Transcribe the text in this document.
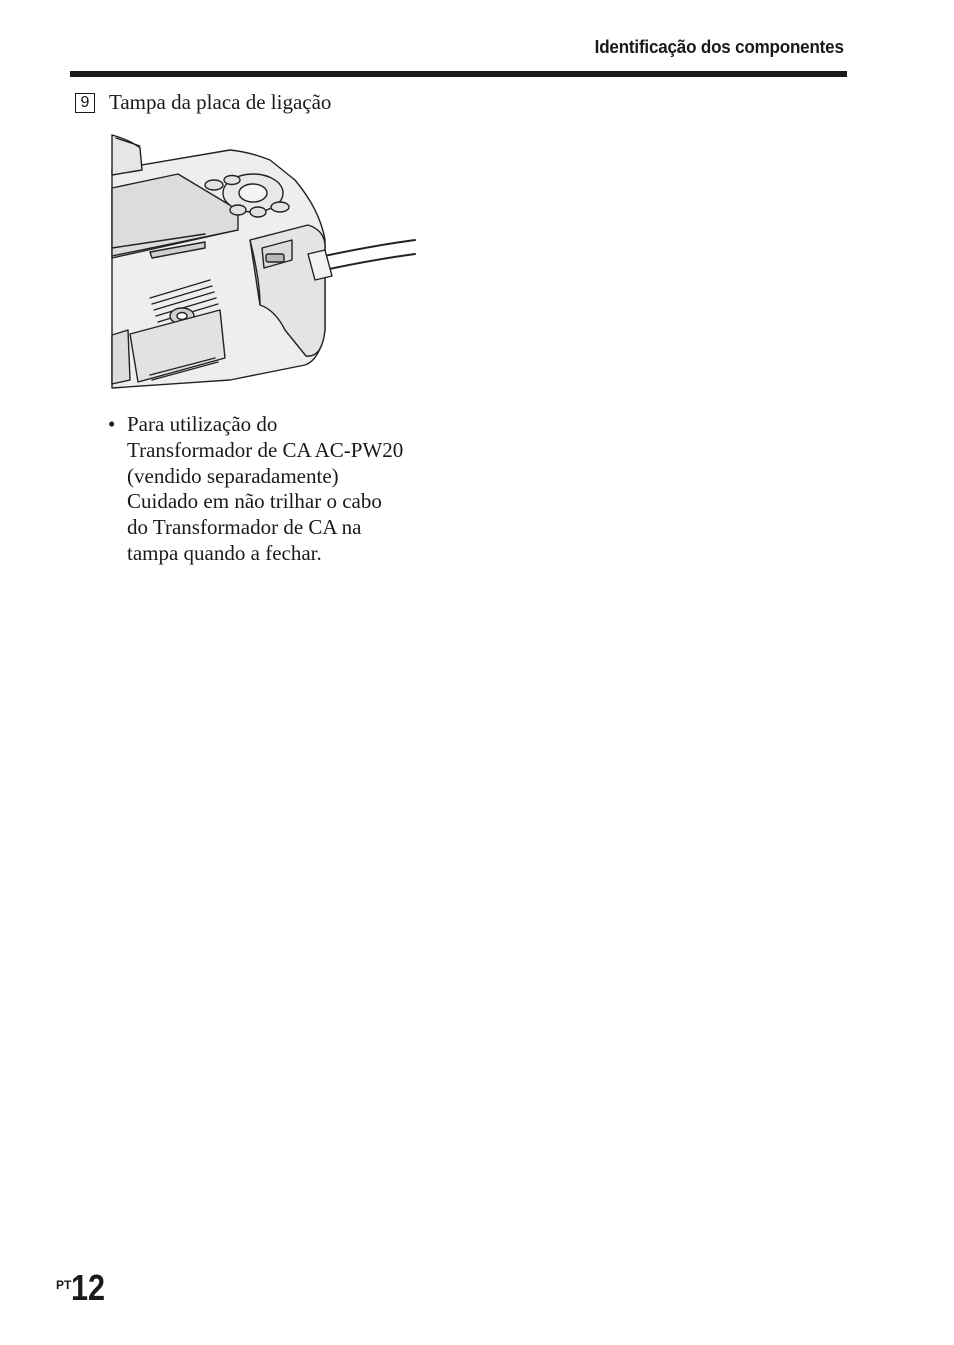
Identificação dos componentes
9 Tampa da placa de ligação
• Para utilização do
Transformador de CA AC-PW20
(vendido separadamente)
Cuidado em não trilhar o cabo
do Transformador de CA na
tampa quando a fechar.
PT 12
